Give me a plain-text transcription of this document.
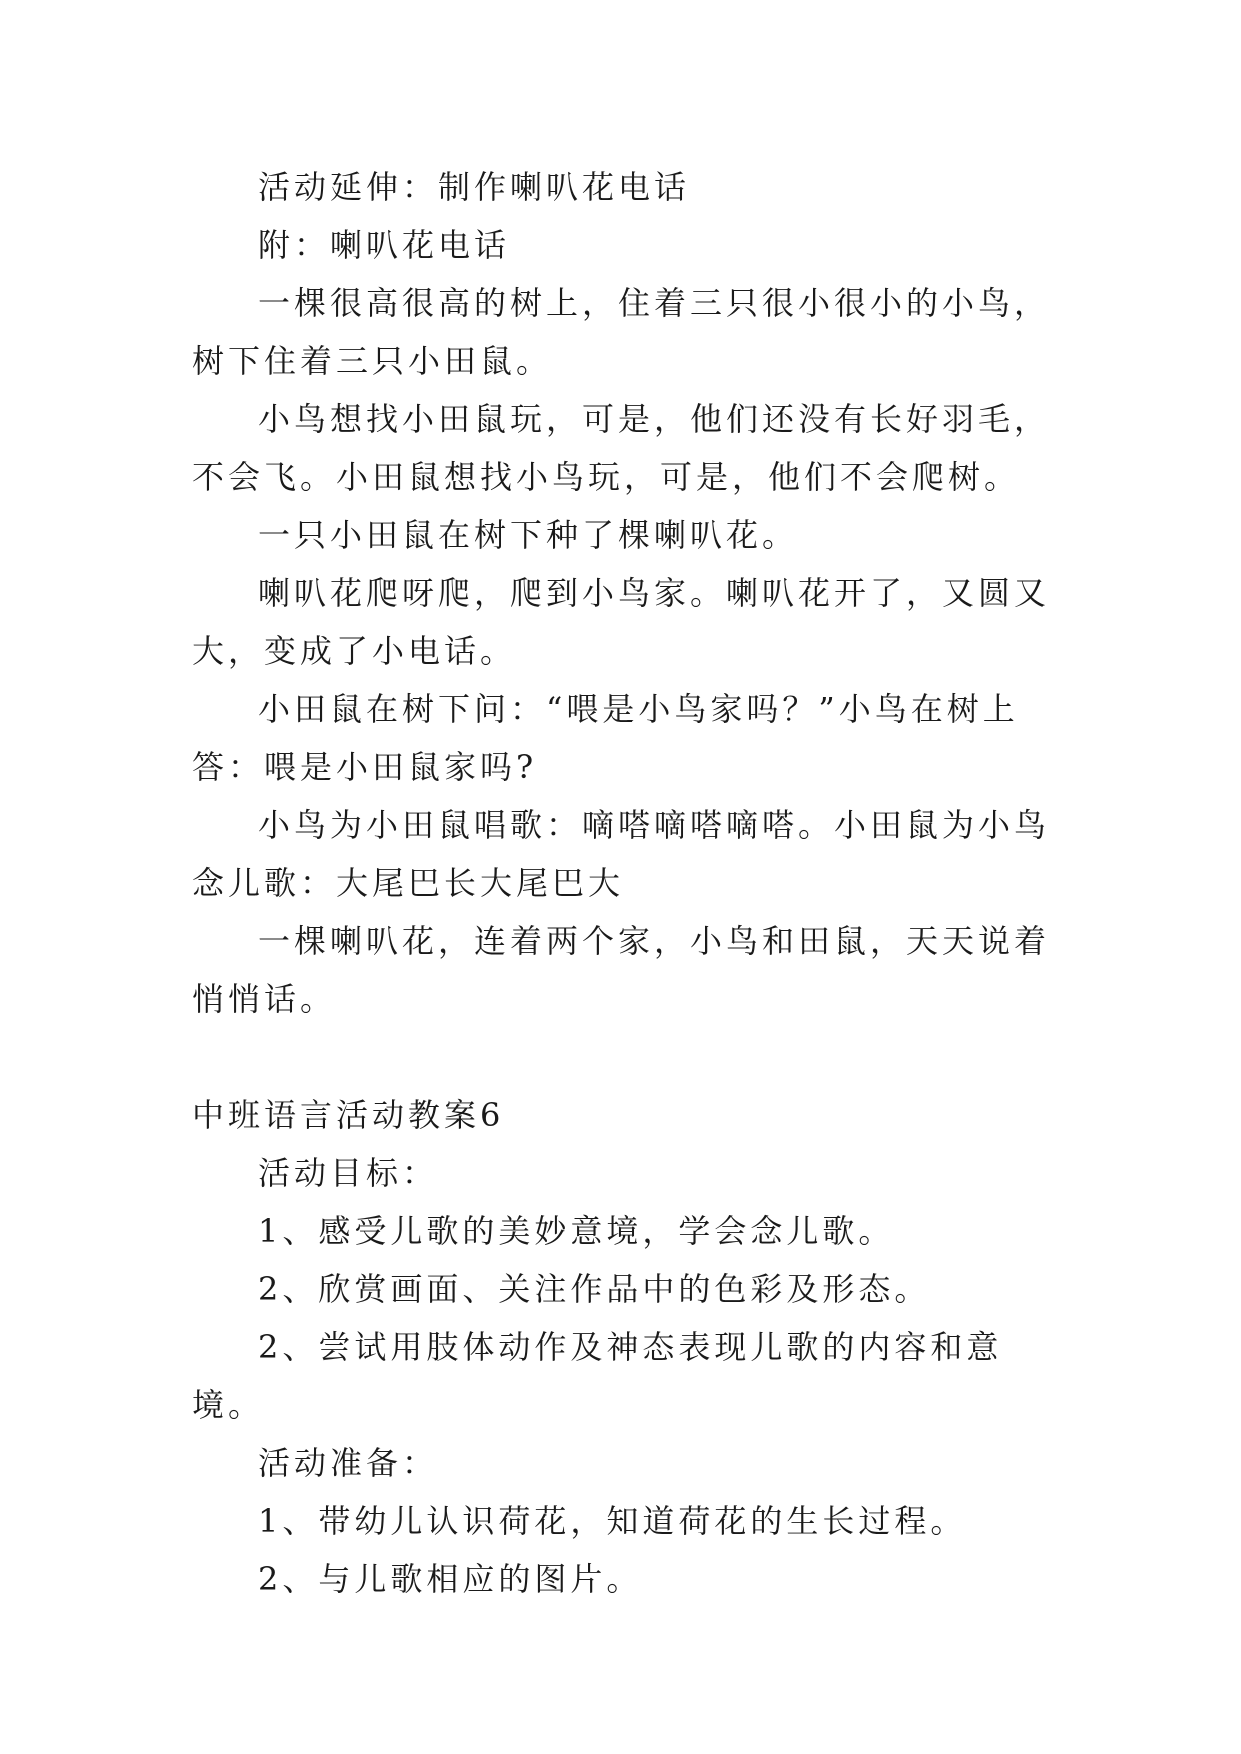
活动延伸：制作喇叭花电话

附：喇叭花电话

一棵很高很高的树上，住着三只很小很小的小鸟，树下住着三只小田鼠。

小鸟想找小田鼠玩，可是，他们还没有长好羽毛，不会飞。小田鼠想找小鸟玩，可是，他们不会爬树。

一只小田鼠在树下种了棵喇叭花。

喇叭花爬呀爬，爬到小鸟家。喇叭花开了，又圆又大，变成了小电话。

小田鼠在树下问：“喂是小鸟家吗？”小鸟在树上答：喂是小田鼠家吗?

小鸟为小田鼠唱歌：嘀嗒嘀嗒嘀嗒。小田鼠为小鸟念儿歌：大尾巴长大尾巴大

一棵喇叭花，连着两个家，小鸟和田鼠，天天说着悄悄话。

中班语言活动教案6

活动目标：

1、感受儿歌的美妙意境，学会念儿歌。

2、欣赏画面、关注作品中的色彩及形态。

2、尝试用肢体动作及神态表现儿歌的内容和意境。

活动准备：

1、带幼儿认识荷花，知道荷花的生长过程。

2、与儿歌相应的图片。
